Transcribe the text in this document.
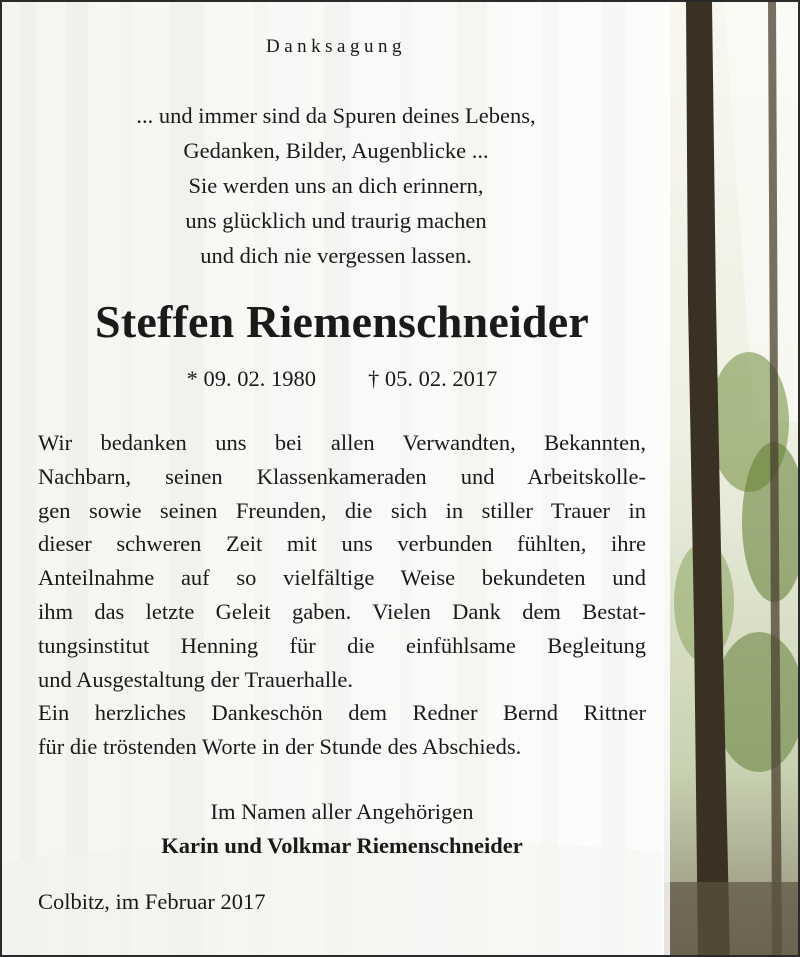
Danksagung
... und immer sind da Spuren deines Lebens,
Gedanken, Bilder, Augenblicke ...
Sie werden uns an dich erinnern,
uns glücklich und traurig machen
und dich nie vergessen lassen.
Steffen Riemenschneider
* 09. 02. 1980 † 05. 02. 2017
Wir bedanken uns bei allen Verwandten, Bekannten,
Nachbarn, seinen Klassenkameraden und Arbeitskolle-
gen sowie seinen Freunden, die sich in stiller Trauer in
dieser schweren Zeit mit uns verbunden fühlten, ihre
Anteilnahme auf so vielfältige Weise bekundeten und
ihm das letzte Geleit gaben. Vielen Dank dem Bestat-
tungsinstitut Henning für die einfühlsame Begleitung
und Ausgestaltung der Trauerhalle.
Ein herzliches Dankeschön dem Redner Bernd Rittner
für die tröstenden Worte in der Stunde des Abschieds.
Im Namen aller Angehörigen
Karin und Volkmar Riemenschneider
Colbitz, im Februar 2017
